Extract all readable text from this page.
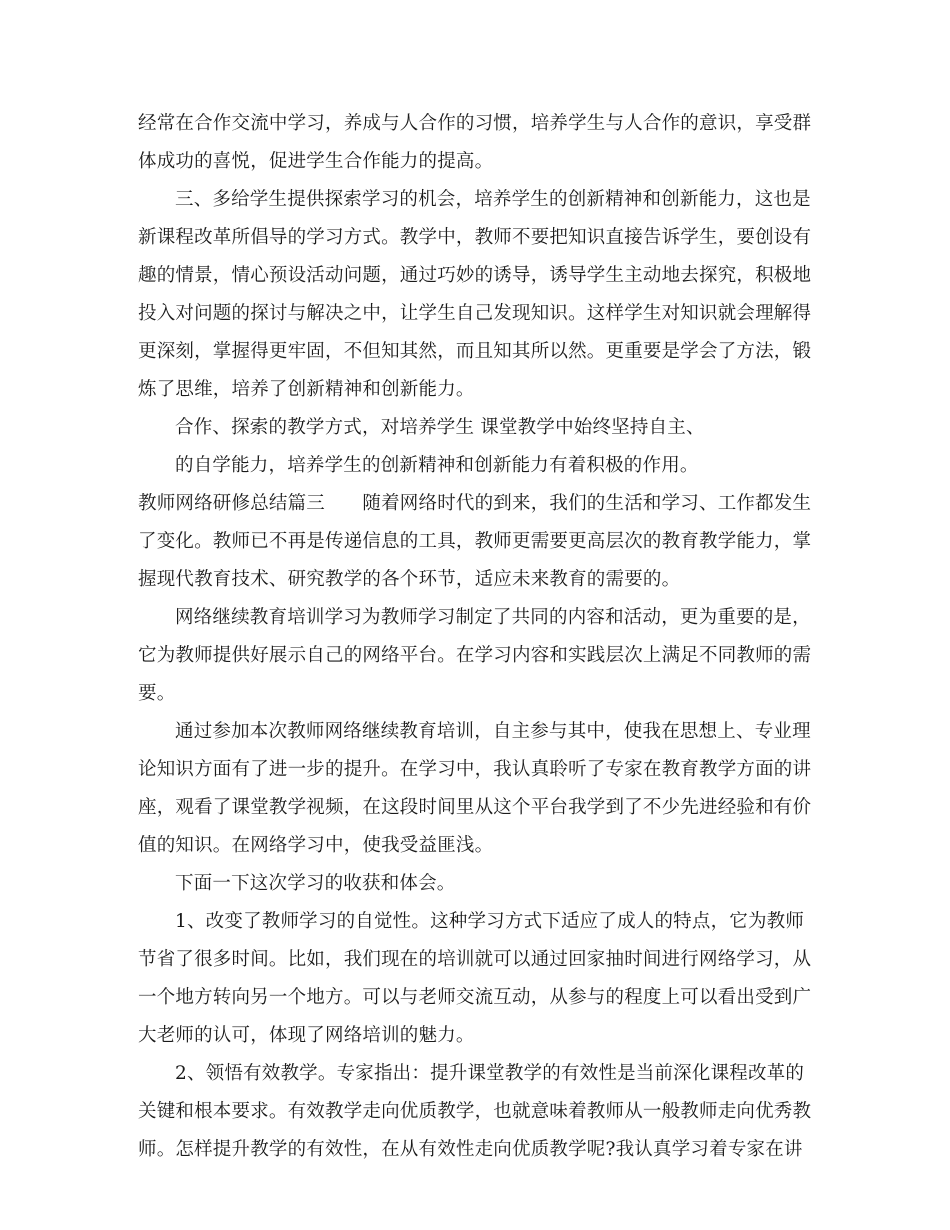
经常在合作交流中学习，养成与人合作的习惯，培养学生与人合作的意识，享受群
体成功的喜悦，促进学生合作能力的提高。
三、多给学生提供探索学习的机会，培养学生的创新精神和创新能力，这也是
新课程改革所倡导的学习方式。教学中，教师不要把知识直接告诉学生，要创设有
趣的情景，情心预设活动问题，通过巧妙的诱导，诱导学生主动地去探究，积极地
投入对问题的探讨与解决之中，让学生自己发现知识。这样学生对知识就会理解得
更深刻，掌握得更牢固，不但知其然，而且知其所以然。更重要是学会了方法，锻
炼了思维，培养了创新精神和创新能力。
合作、探索的教学方式，对培养学生 课堂教学中始终坚持自主、
的自学能力，培养学生的创新精神和创新能力有着积极的作用。
教师网络研修总结篇三　　随着网络时代的到来，我们的生活和学习、工作都发生
了变化。教师已不再是传递信息的工具，教师更需要更高层次的教育教学能力，掌
握现代教育技术、研究教学的各个环节，适应未来教育的需要的。
网络继续教育培训学习为教师学习制定了共同的内容和活动，更为重要的是，
它为教师提供好展示自己的网络平台。在学习内容和实践层次上满足不同教师的需
要。
通过参加本次教师网络继续教育培训，自主参与其中，使我在思想上、专业理
论知识方面有了进一步的提升。在学习中，我认真聆听了专家在教育教学方面的讲
座，观看了课堂教学视频，在这段时间里从这个平台我学到了不少先进经验和有价
值的知识。在网络学习中，使我受益匪浅。
下面一下这次学习的收获和体会。
1、改变了教师学习的自觉性。这种学习方式下适应了成人的特点，它为教师
节省了很多时间。比如，我们现在的培训就可以通过回家抽时间进行网络学习，从
一个地方转向另一个地方。可以与老师交流互动，从参与的程度上可以看出受到广
大老师的认可，体现了网络培训的魅力。
2、领悟有效教学。专家指出：提升课堂教学的有效性是当前深化课程改革的
关键和根本要求。有效教学走向优质教学，也就意味着教师从一般教师走向优秀教
师。怎样提升教学的有效性，在从有效性走向优质教学呢?我认真学习着专家在讲
